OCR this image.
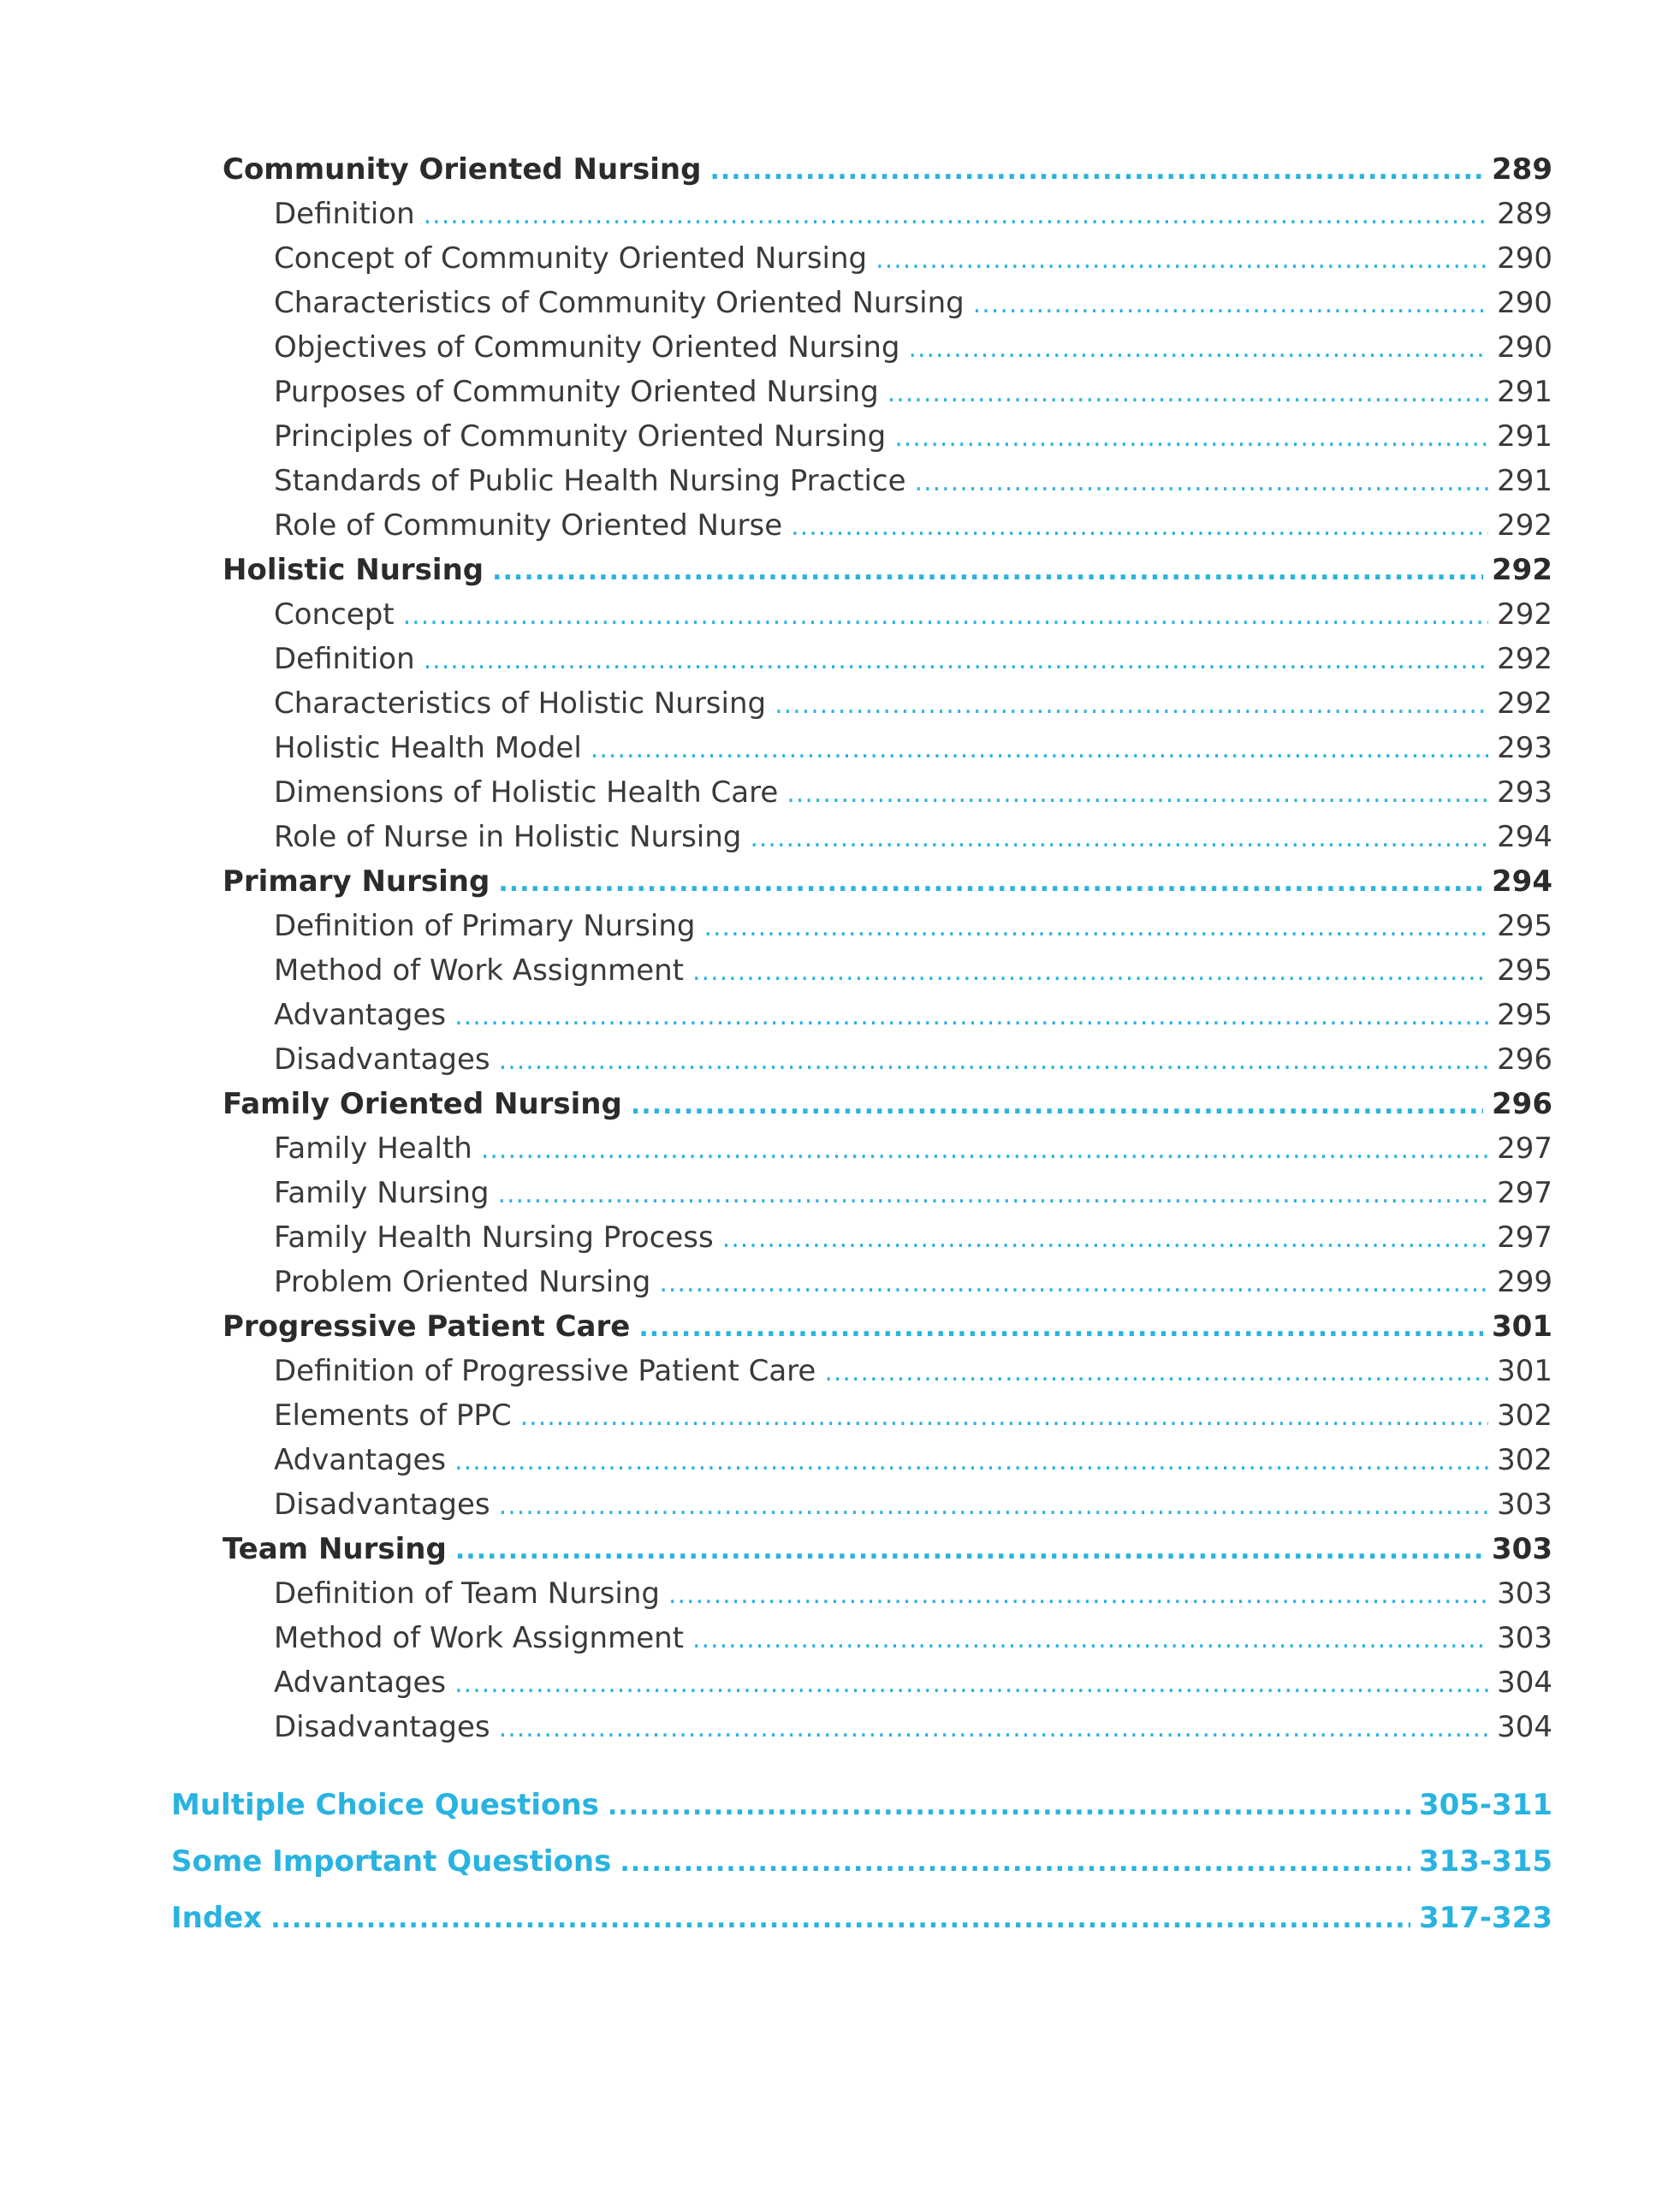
Community Oriented Nursing .....	289
Definition .....	289
Concept of Community Oriented Nursing .....	290
Characteristics of Community Oriented Nursing .....	290
Objectives of Community Oriented Nursing .....	290
Purposes of Community Oriented Nursing .....	291
Principles of Community Oriented Nursing .....	291
Standards of Public Health Nursing Practice .....	291
Role of Community Oriented Nurse .....	292
Holistic Nursing .....	292
Concept .....	292
Definition .....	292
Characteristics of Holistic Nursing .....	292
Holistic Health Model .....	293
Dimensions of Holistic Health Care .....	293
Role of Nurse in Holistic Nursing .....	294
Primary Nursing .....	294
Definition of Primary Nursing .....	295
Method of Work Assignment .....	295
Advantages .....	295
Disadvantages .....	296
Family Oriented Nursing .....	296
Family Health .....	297
Family Nursing .....	297
Family Health Nursing Process .....	297
Problem Oriented Nursing .....	299
Progressive Patient Care .....	301
Definition of Progressive Patient Care .....	301
Elements of PPC .....	302
Advantages .....	302
Disadvantages .....	303
Team Nursing .....	303
Definition of Team Nursing .....	303
Method of Work Assignment .....	303
Advantages .....	304
Disadvantages .....	304
Multiple Choice Questions .....	305-311
Some Important Questions .....	313-315
Index .....	317-323
